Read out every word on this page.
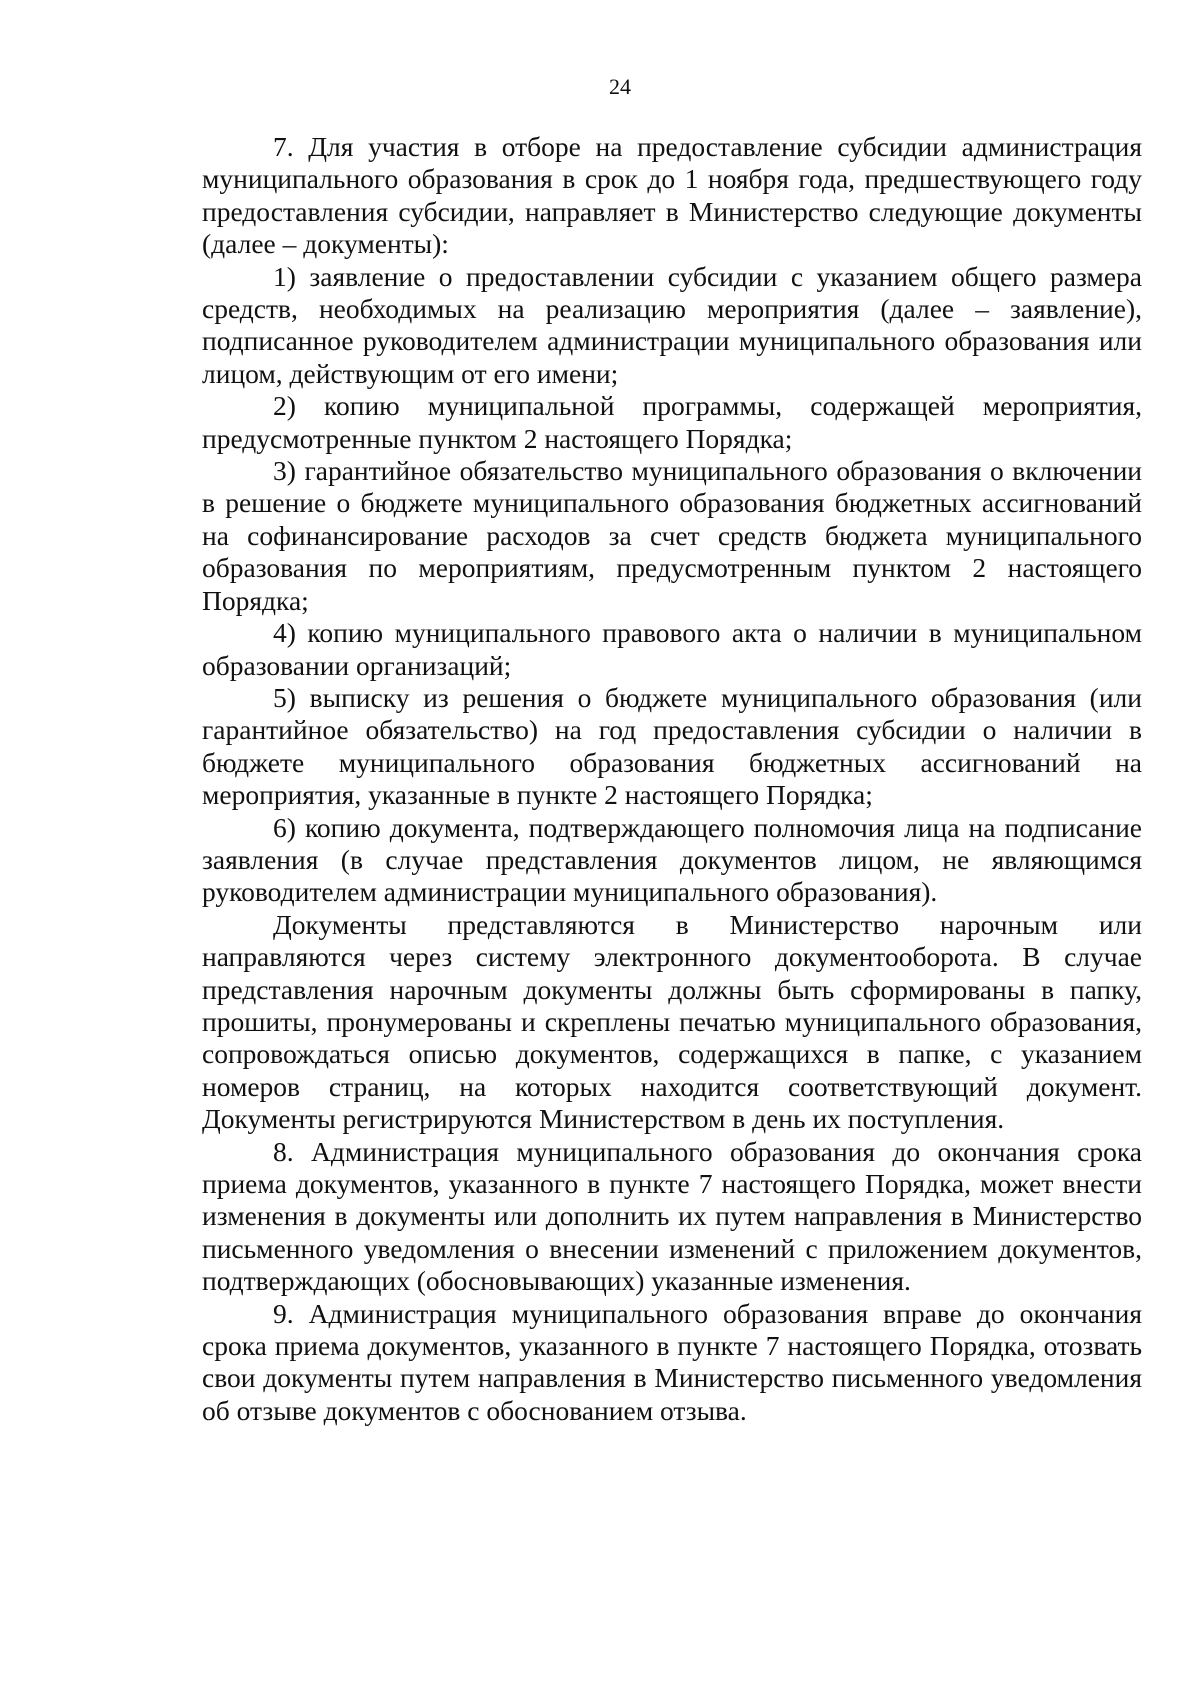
24

7. Для участия в отборе на предоставление субсидии администрация муниципального образования в срок до 1 ноября года, предшествующего году предоставления субсидии, направляет в Министерство следующие документы (далее – документы):

1) заявление о предоставлении субсидии с указанием общего размера средств, необходимых на реализацию мероприятия (далее – заявление), подписанное руководителем администрации муниципального образования или лицом, действующим от его имени;

2) копию муниципальной программы, содержащей мероприятия, предусмотренные пунктом 2 настоящего Порядка;

3) гарантийное обязательство муниципального образования о включении в решение о бюджете муниципального образования бюджетных ассигнований на софинансирование расходов за счет средств бюджета муниципального образования по мероприятиям, предусмотренным пунктом 2 настоящего Порядка;

4) копию муниципального правового акта о наличии в муниципальном образовании организаций;

5) выписку из решения о бюджете муниципального образования (или гарантийное обязательство) на год предоставления субсидии о наличии в бюджете муниципального образования бюджетных ассигнований на мероприятия, указанные в пункте 2 настоящего Порядка;

6) копию документа, подтверждающего полномочия лица на подписание заявления (в случае представления документов лицом, не являющимся руководителем администрации муниципального образования).

Документы представляются в Министерство нарочным или направляются через систему электронного документооборота. В случае представления нарочным документы должны быть сформированы в папку, прошиты, пронумерованы и скреплены печатью муниципального образования, сопровождаться описью документов, содержащихся в папке, с указанием номеров страниц, на которых находится соответствующий документ. Документы регистрируются Министерством в день их поступления.

8. Администрация муниципального образования до окончания срока приема документов, указанного в пункте 7 настоящего Порядка, может внести изменения в документы или дополнить их путем направления в Министерство письменного уведомления о внесении изменений с приложением документов, подтверждающих (обосновывающих) указанные изменения.

9. Администрация муниципального образования вправе до окончания срока приема документов, указанного в пункте 7 настоящего Порядка, отозвать свои документы путем направления в Министерство письменного уведомления об отзыве документов с обоснованием отзыва.
